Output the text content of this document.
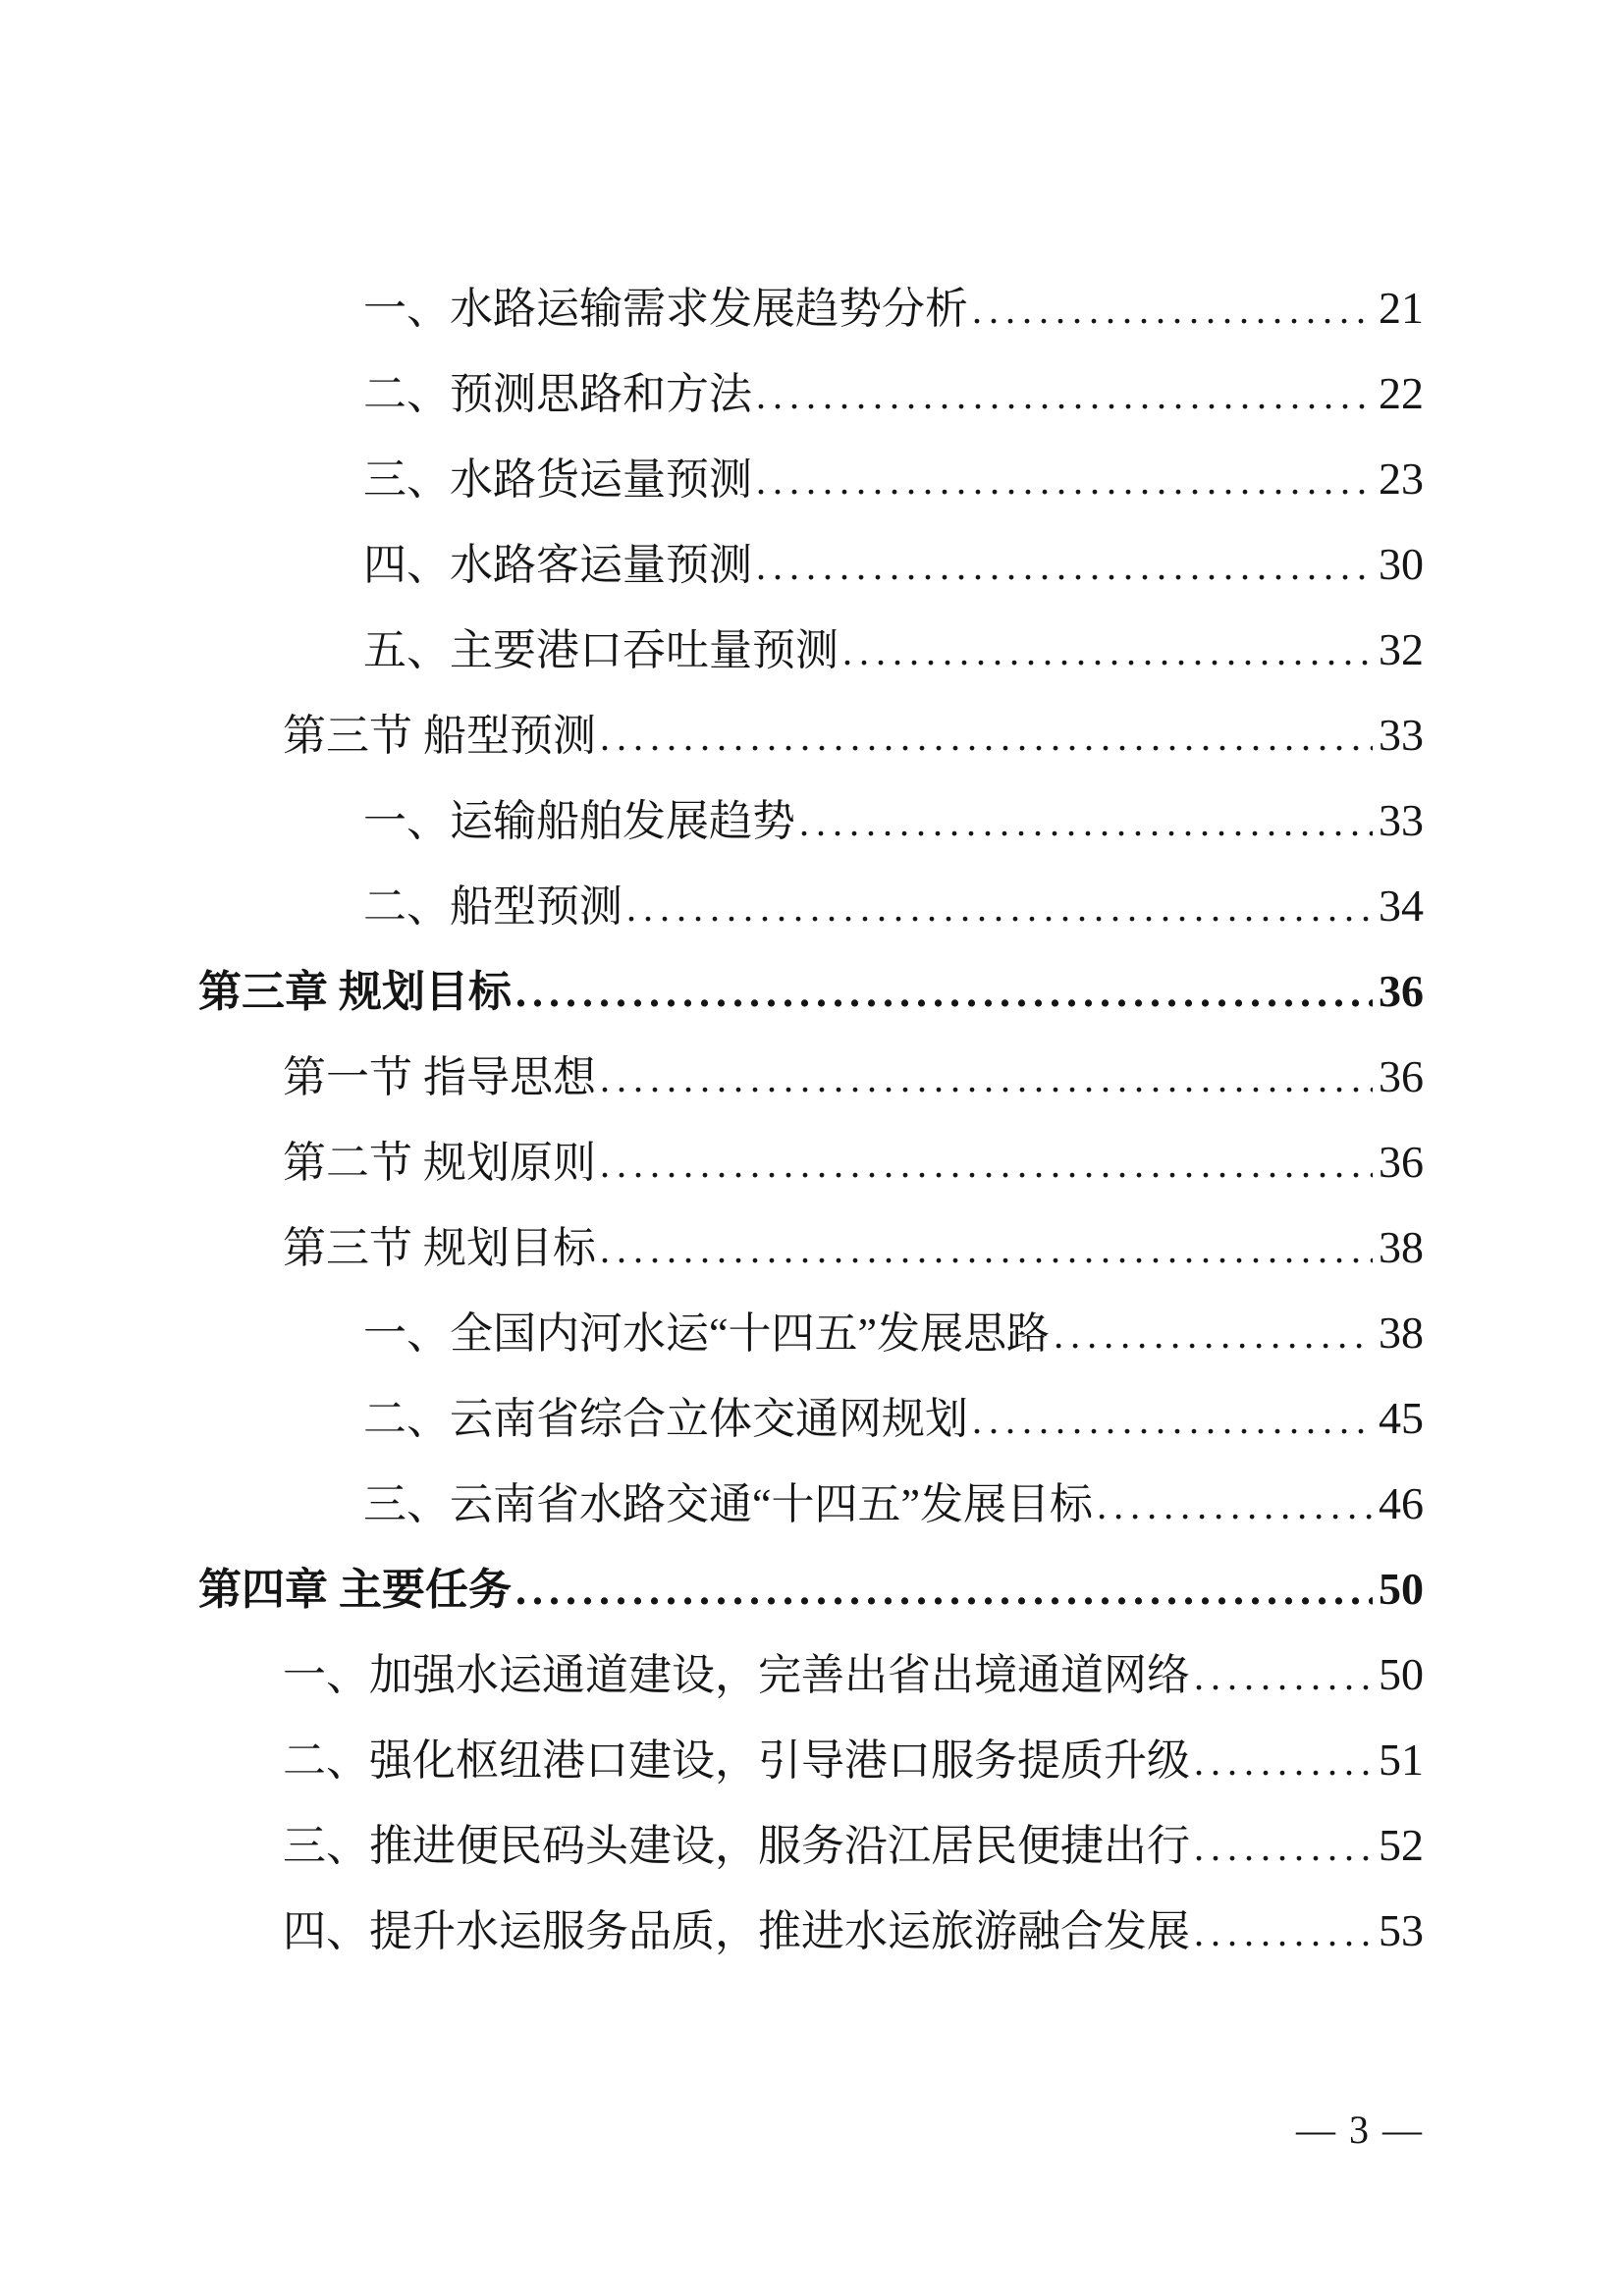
一、水路运输需求发展趋势分析 .....	21
二、预测思路和方法 .....	22
三、水路货运量预测 .....	23
四、水路客运量预测 .....	30
五、主要港口吞吐量预测 .....	32
第三节 船型预测 .....	33
一、运输船舶发展趋势 .....	33
二、船型预测 .....	34
第三章 规划目标 .....	36
第一节 指导思想 .....	36
第二节 规划原则 .....	36
第三节 规划目标 .....	38
一、全国内河水运“十四五”发展思路 .....	38
二、云南省综合立体交通网规划 .....	45
三、云南省水路交通“十四五”发展目标 .....	46
第四章 主要任务 .....	50
一、加强水运通道建设，完善出省出境通道网络 .....	50
二、强化枢纽港口建设，引导港口服务提质升级 .....	51
三、推进便民码头建设，服务沿江居民便捷出行 .....	52
四、提升水运服务品质，推进水运旅游融合发展 .....	53
— 3 —
